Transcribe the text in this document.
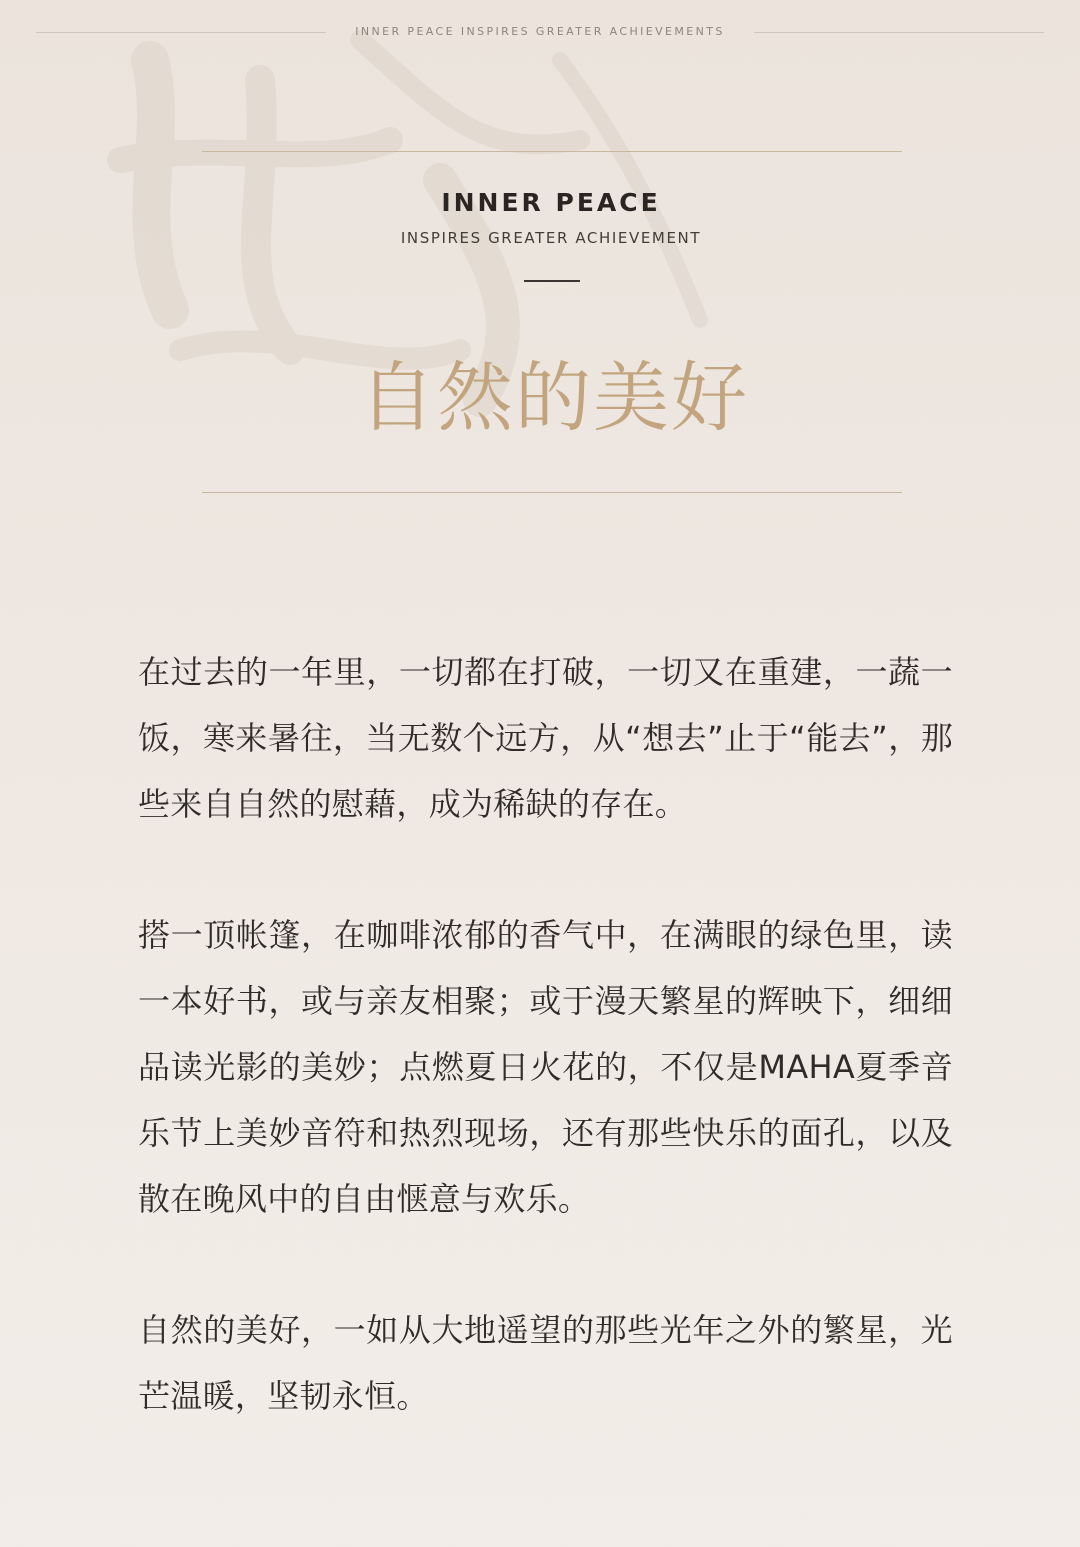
INNER PEACE INSPIRES GREATER ACHIEVEMENTS
INNER PEACE
INSPIRES GREATER ACHIEVEMENT
自然的美好

在过去的一年里，一切都在打破，一切又在重建，一蔬一饭，寒来暑往，当无数个远方，从“想去”止于“能去”，那些来自自然的慰藉，成为稀缺的存在。

搭一顶帐篷，在咖啡浓郁的香气中，在满眼的绿色里，读一本好书，或与亲友相聚；或于漫天繁星的辉映下，细细品读光影的美妙；点燃夏日火花的，不仅是MAHA夏季音乐节上美妙音符和热烈现场，还有那些快乐的面孔，以及散在晚风中的自由惬意与欢乐。

自然的美好，一如从大地遥望的那些光年之外的繁星，光芒温暖，坚韧永恒。
